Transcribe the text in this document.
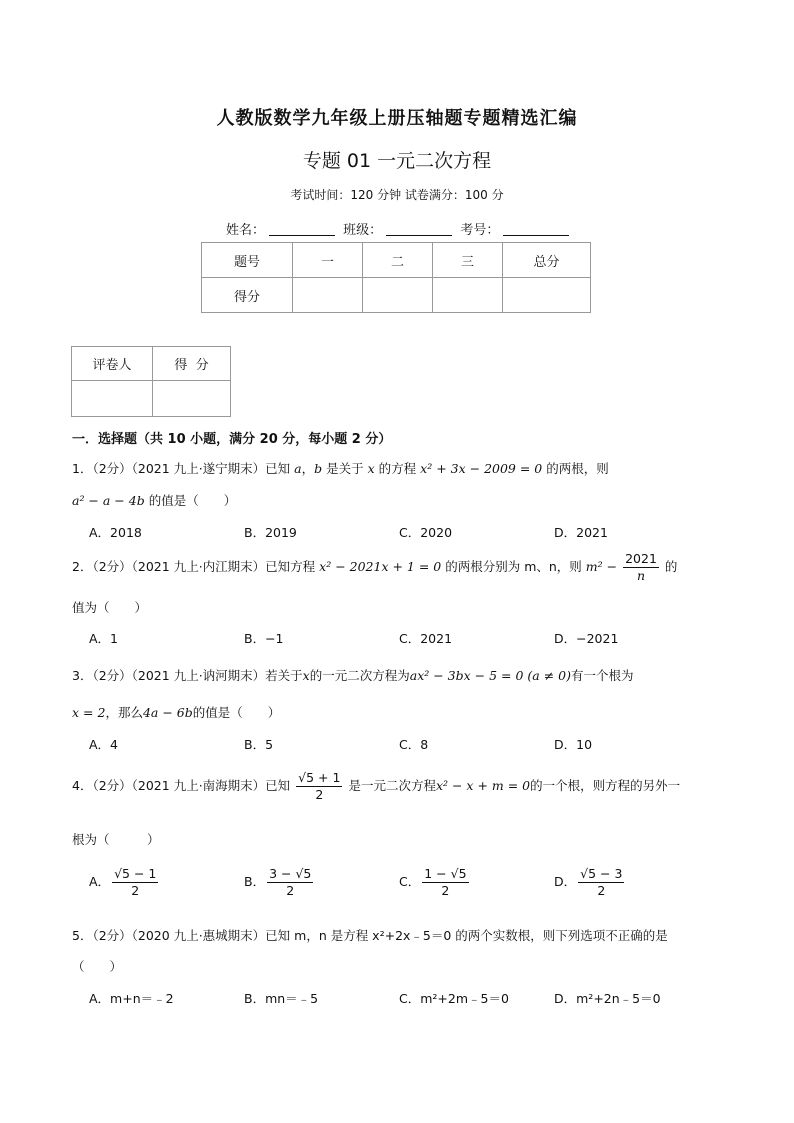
人教版数学九年级上册压轴题专题精选汇编
专题 01 一元二次方程
考试时间：120 分钟 试卷满分：100 分
姓名：	班级：	考号：
题号	一	二	三	总分
得分				
评卷人	得  分

一．选择题（共 10 小题，满分 20 分，每小题 2 分）
1．（2分）（2021 九上·遂宁期末）已知 a，b 是关于 x 的方程 x² + 3x − 2009 = 0 的两根，则
a² − a − 4b 的值是（　　）
A．2018	B．2019	C．2020	D．2021
2．（2分）（2021 九上·内江期末）已知方程 x² − 2021x + 1 = 0 的两根分别为 m、n，则 $m^2 - \frac{2021}{n}$ 的
值为（　　）
A．1	B．−1	C．2021	D．−2021
3．（2分）（2021 九上·讷河期末）若关于x的一元二次方程为ax² − 3bx − 5 = 0 (a ≠ 0)有一个根为
x = 2，那么4a − 6b的值是（　　）
A．4	B．5	C．8	D．10
4．（2分）（2021 九上·南海期末）已知 $\frac{√5 + 1}{2}$ 是一元二次方程x² − x + m = 0的一个根，则方程的另外一
根为（　　　）
A． $\frac{√5 - 1}{2}$	B． $\frac{3 - √5}{2}$	C． $\frac{1 - √5}{2}$	D． $\frac{√5 - 3}{2}$
5．（2分）（2020 九上·惠城期末）已知 m，n 是方程 x²+2x﹣5＝0 的两个实数根，则下列选项不正确的是
（　　）
A．m+n＝﹣2	B．mn＝﹣5	C．m²+2m﹣5＝0	D．m²+2n﹣5＝0
